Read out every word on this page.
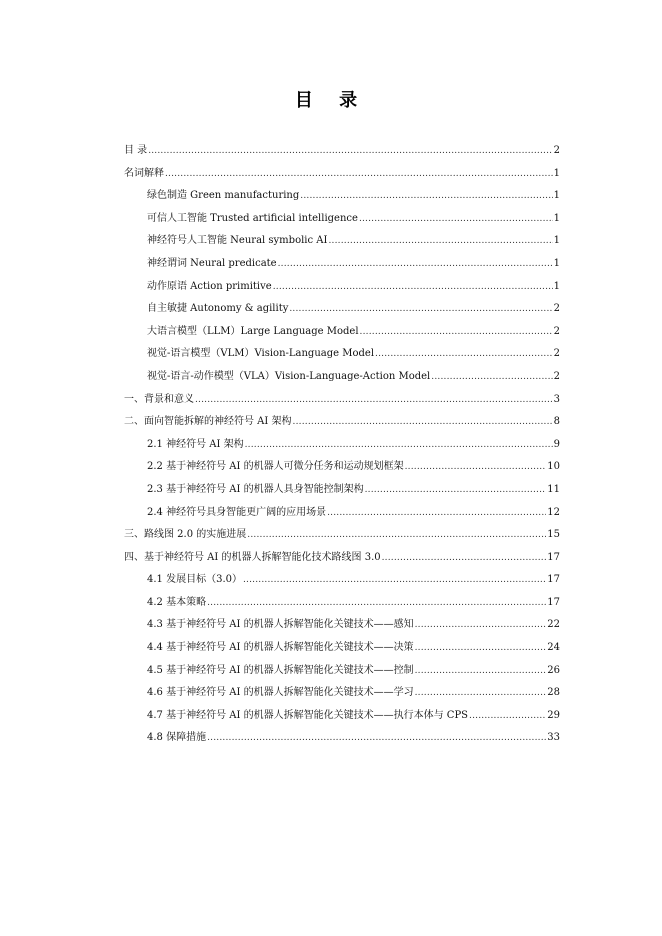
目 录
目 录 .....	2
名词解释 .....	1
绿色制造 Green manufacturing .....	1
可信人工智能 Trusted artificial intelligence .....	1
神经符号人工智能 Neural symbolic AI .....	1
神经谓词 Neural predicate .....	1
动作原语 Action primitive .....	1
自主敏捷 Autonomy & agility .....	2
大语言模型（LLM）Large Language Model .....	2
视觉-语言模型（VLM）Vision-Language Model .....	2
视觉-语言-动作模型（VLA）Vision-Language-Action Model .....	2
一、背景和意义 .....	3
二、面向智能拆解的神经符号 AI 架构 .....	8
2.1 神经符号 AI 架构 .....	9
2.2 基于神经符号 AI 的机器人可微分任务和运动规划框架 .....	10
2.3 基于神经符号 AI 的机器人具身智能控制架构 .....	11
2.4 神经符号具身智能更广阔的应用场景 .....	12
三、路线图 2.0 的实施进展 .....	15
四、基于神经符号 AI 的机器人拆解智能化技术路线图 3.0 .....	17
4.1 发展目标（3.0） .....	17
4.2 基本策略 .....	17
4.3 基于神经符号 AI 的机器人拆解智能化关键技术——感知 .....	22
4.4 基于神经符号 AI 的机器人拆解智能化关键技术——决策 .....	24
4.5 基于神经符号 AI 的机器人拆解智能化关键技术——控制 .....	26
4.6 基于神经符号 AI 的机器人拆解智能化关键技术——学习 .....	28
4.7 基于神经符号 AI 的机器人拆解智能化关键技术——执行本体与 CPS .....	29
4.8 保障措施 .....	33
